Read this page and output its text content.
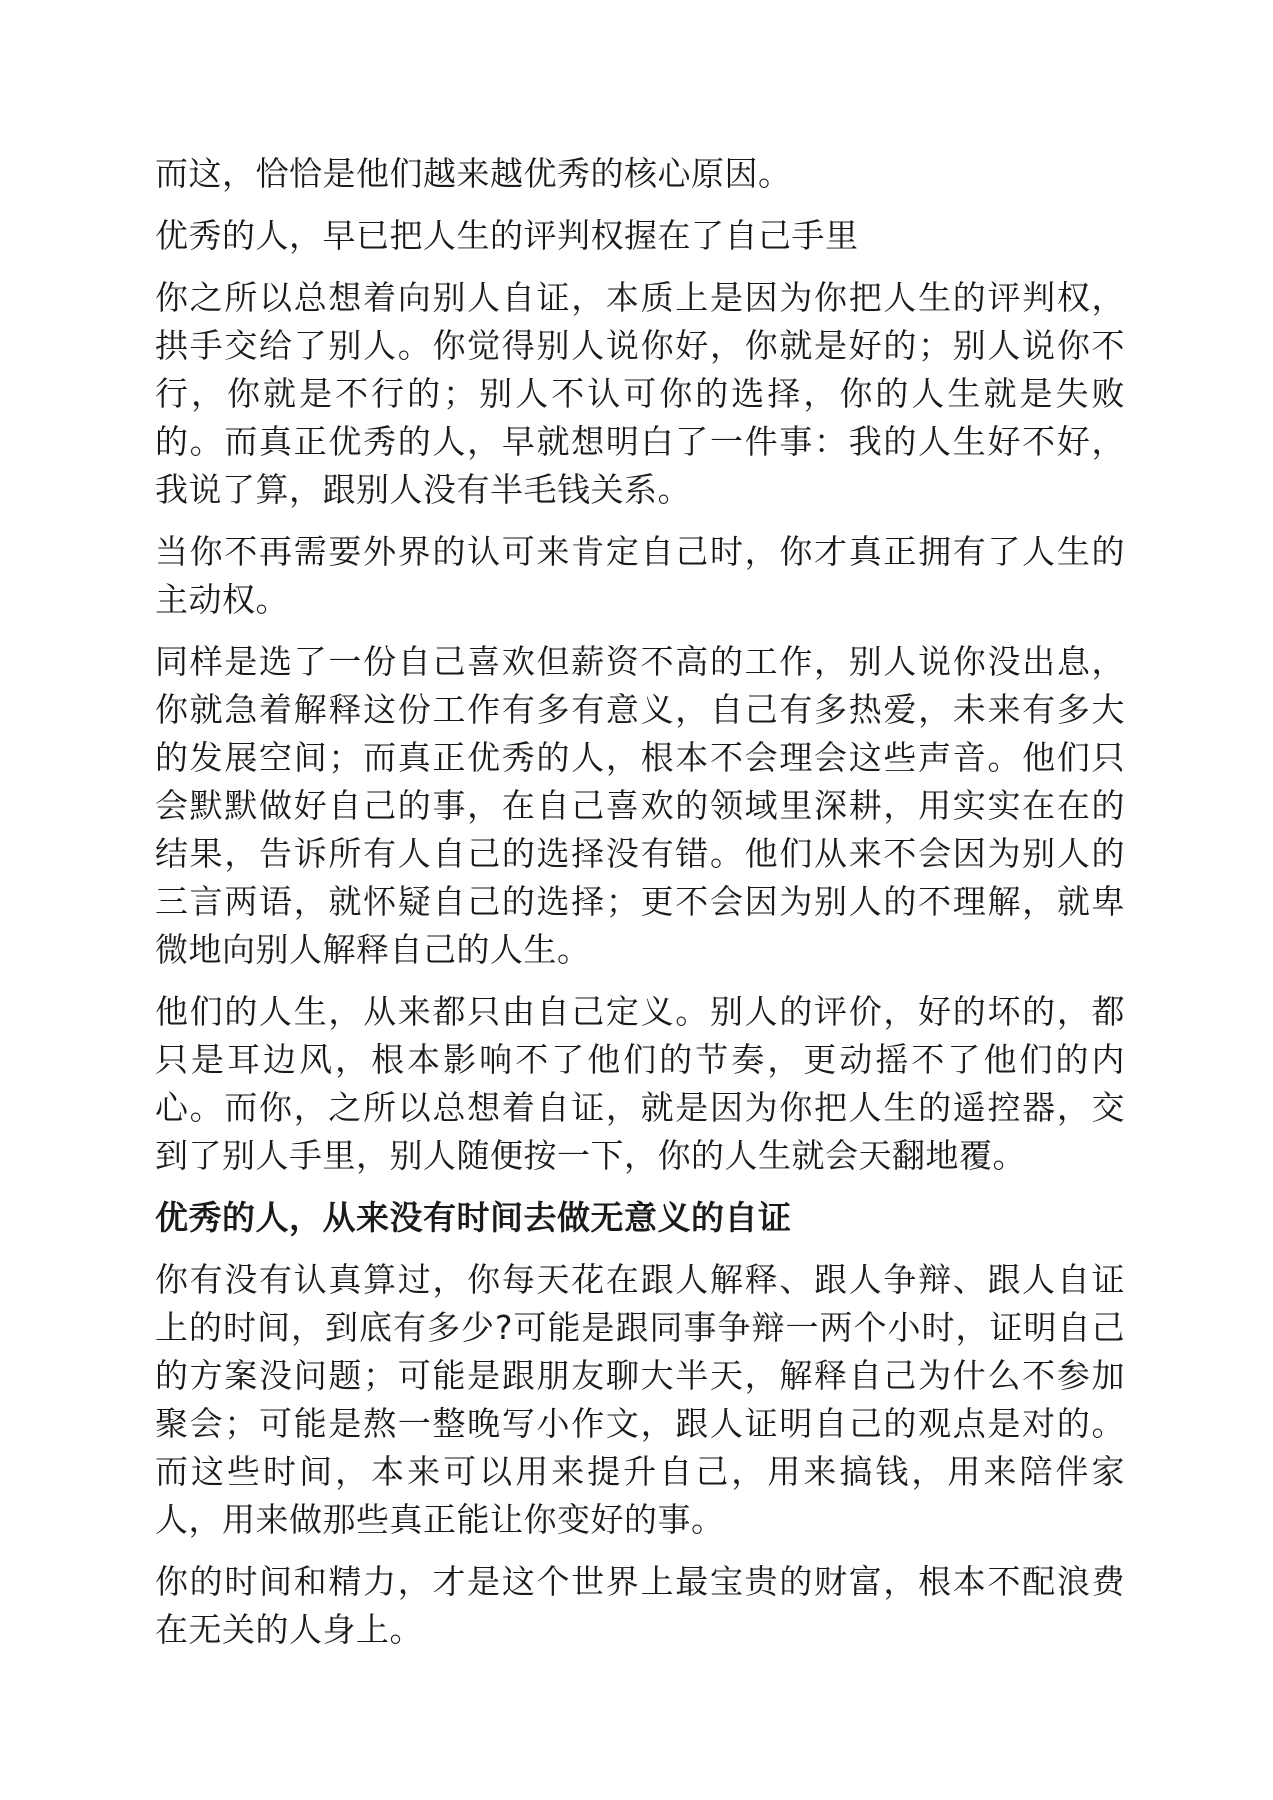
而这，恰恰是他们越来越优秀的核心原因。

优秀的人，早已把人生的评判权握在了自己手里

你之所以总想着向别人自证，本质上是因为你把人生的评判权，拱手交给了别人。你觉得别人说你好，你就是好的；别人说你不行，你就是不行的；别人不认可你的选择，你的人生就是失败的。而真正优秀的人，早就想明白了一件事：我的人生好不好，我说了算，跟别人没有半毛钱关系。

当你不再需要外界的认可来肯定自己时，你才真正拥有了人生的主动权。

同样是选了一份自己喜欢但薪资不高的工作，别人说你没出息，你就急着解释这份工作有多有意义，自己有多热爱，未来有多大的发展空间；而真正优秀的人，根本不会理会这些声音。他们只会默默做好自己的事，在自己喜欢的领域里深耕，用实实在在的结果，告诉所有人自己的选择没有错。他们从来不会因为别人的三言两语，就怀疑自己的选择；更不会因为别人的不理解，就卑微地向别人解释自己的人生。

他们的人生，从来都只由自己定义。别人的评价，好的坏的，都只是耳边风，根本影响不了他们的节奏，更动摇不了他们的内心。而你，之所以总想着自证，就是因为你把人生的遥控器，交到了别人手里，别人随便按一下，你的人生就会天翻地覆。

优秀的人，从来没有时间去做无意义的自证

你有没有认真算过，你每天花在跟人解释、跟人争辩、跟人自证上的时间，到底有多少?可能是跟同事争辩一两个小时，证明自己的方案没问题；可能是跟朋友聊大半天，解释自己为什么不参加聚会；可能是熬一整晚写小作文，跟人证明自己的观点是对的。而这些时间，本来可以用来提升自己，用来搞钱，用来陪伴家人，用来做那些真正能让你变好的事。

你的时间和精力，才是这个世界上最宝贵的财富，根本不配浪费在无关的人身上。
